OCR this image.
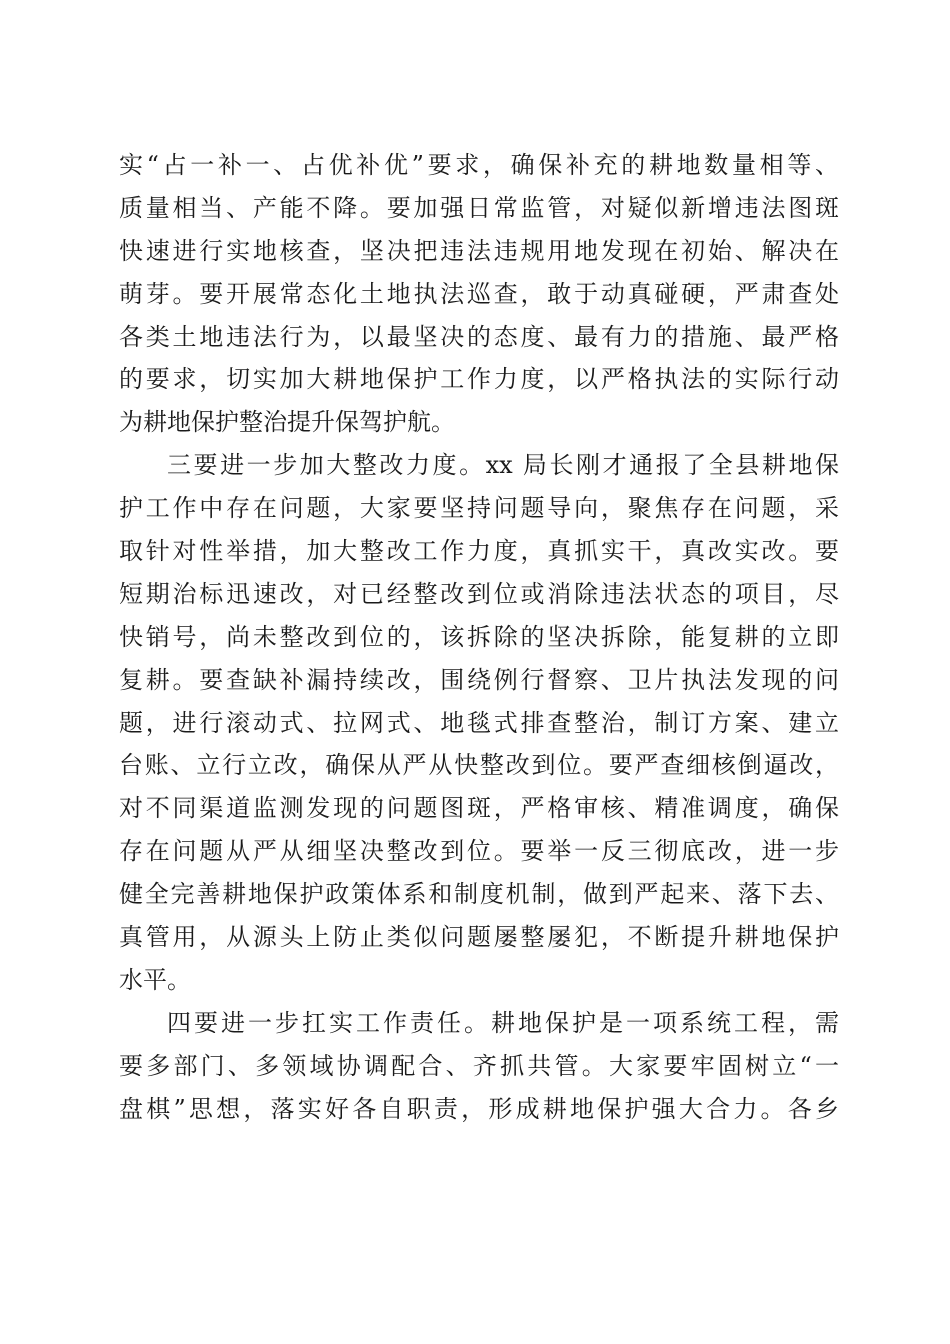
实“占一补一、占优补优”要求，确保补充的耕地数量相等、
质量相当、产能不降。要加强日常监管，对疑似新增违法图斑
快速进行实地核查，坚决把违法违规用地发现在初始、解决在
萌芽。要开展常态化土地执法巡查，敢于动真碰硬，严肃查处
各类土地违法行为，以最坚决的态度、最有力的措施、最严格
的要求，切实加大耕地保护工作力度，以严格执法的实际行动
为耕地保护整治提升保驾护航。
三要进一步加大整改力度。xx 局长刚才通报了全县耕地保
护工作中存在问题，大家要坚持问题导向，聚焦存在问题，采
取针对性举措，加大整改工作力度，真抓实干，真改实改。要
短期治标迅速改，对已经整改到位或消除违法状态的项目，尽
快销号，尚未整改到位的，该拆除的坚决拆除，能复耕的立即
复耕。要查缺补漏持续改，围绕例行督察、卫片执法发现的问
题，进行滚动式、拉网式、地毯式排查整治，制订方案、建立
台账、立行立改，确保从严从快整改到位。要严查细核倒逼改，
对不同渠道监测发现的问题图斑，严格审核、精准调度，确保
存在问题从严从细坚决整改到位。要举一反三彻底改，进一步
健全完善耕地保护政策体系和制度机制，做到严起来、落下去、
真管用，从源头上防止类似问题屡整屡犯，不断提升耕地保护
水平。
四要进一步扛实工作责任。耕地保护是一项系统工程，需
要多部门、多领域协调配合、齐抓共管。大家要牢固树立“一
盘棋”思想，落实好各自职责，形成耕地保护强大合力。各乡
